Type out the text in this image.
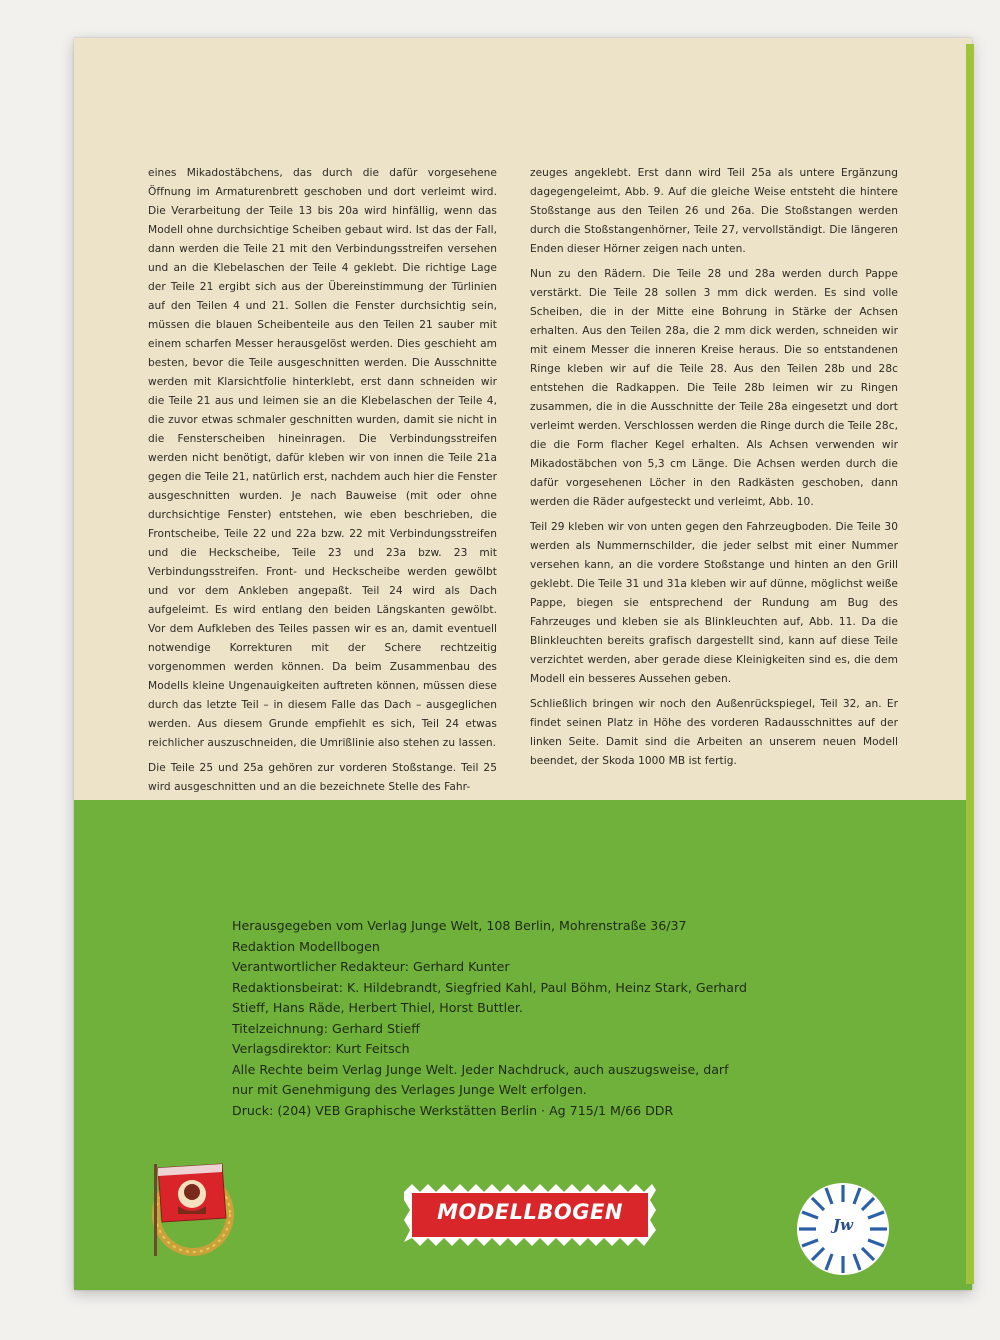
eines Mikadostäbchens, das durch die dafür vorgesehene Öffnung im Armaturenbrett geschoben und dort verleimt wird. Die Verarbeitung der Teile 13 bis 20a wird hinfällig, wenn das Modell ohne durchsichtige Scheiben gebaut wird. Ist das der Fall, dann werden die Teile 21 mit den Verbindungsstreifen versehen und an die Klebelaschen der Teile 4 geklebt. Die richtige Lage der Teile 21 ergibt sich aus der Übereinstimmung der Türlinien auf den Teilen 4 und 21. Sollen die Fenster durchsichtig sein, müssen die blauen Scheibenteile aus den Teilen 21 sauber mit einem scharfen Messer herausgelöst werden. Dies geschieht am besten, bevor die Teile ausgeschnitten werden. Die Ausschnitte werden mit Klarsichtfolie hinterklebt, erst dann schneiden wir die Teile 21 aus und leimen sie an die Klebelaschen der Teile 4, die zuvor etwas schmaler geschnitten wurden, damit sie nicht in die Fensterscheiben hineinragen. Die Verbindungsstreifen werden nicht benötigt, dafür kleben wir von innen die Teile 21a gegen die Teile 21, natürlich erst, nachdem auch hier die Fenster ausgeschnitten wurden. Je nach Bauweise (mit oder ohne durchsichtige Fenster) entstehen, wie eben beschrieben, die Frontscheibe, Teile 22 und 22a bzw. 22 mit Verbindungsstreifen und die Heckscheibe, Teile 23 und 23a bzw. 23 mit Verbindungsstreifen. Front- und Heckscheibe werden gewölbt und vor dem Ankleben angepaßt. Teil 24 wird als Dach aufgeleimt. Es wird entlang den beiden Längskanten gewölbt. Vor dem Aufkleben des Teiles passen wir es an, damit eventuell notwendige Korrekturen mit der Schere rechtzeitig vorgenommen werden können. Da beim Zusammenbau des Modells kleine Ungenauigkeiten auftreten können, müssen diese durch das letzte Teil – in diesem Falle das Dach – ausgeglichen werden. Aus diesem Grunde empfiehlt es sich, Teil 24 etwas reichlicher auszuschneiden, die Umrißlinie also stehen zu lassen.

Die Teile 25 und 25a gehören zur vorderen Stoßstange. Teil 25 wird ausgeschnitten und an die bezeichnete Stelle des Fahr-

zeuges angeklebt. Erst dann wird Teil 25a als untere Ergänzung dagegengeleimt, Abb. 9. Auf die gleiche Weise entsteht die hintere Stoßstange aus den Teilen 26 und 26a. Die Stoßstangen werden durch die Stoßstangenhörner, Teile 27, vervollständigt. Die längeren Enden dieser Hörner zeigen nach unten.

Nun zu den Rädern. Die Teile 28 und 28a werden durch Pappe verstärkt. Die Teile 28 sollen 3 mm dick werden. Es sind volle Scheiben, die in der Mitte eine Bohrung in Stärke der Achsen erhalten. Aus den Teilen 28a, die 2 mm dick werden, schneiden wir mit einem Messer die inneren Kreise heraus. Die so entstandenen Ringe kleben wir auf die Teile 28. Aus den Teilen 28b und 28c entstehen die Radkappen. Die Teile 28b leimen wir zu Ringen zusammen, die in die Ausschnitte der Teile 28a eingesetzt und dort verleimt werden. Verschlossen werden die Ringe durch die Teile 28c, die die Form flacher Kegel erhalten. Als Achsen verwenden wir Mikadostäbchen von 5,3 cm Länge. Die Achsen werden durch die dafür vorgesehenen Löcher in den Radkästen geschoben, dann werden die Räder aufgesteckt und verleimt, Abb. 10.

Teil 29 kleben wir von unten gegen den Fahrzeugboden. Die Teile 30 werden als Nummernschilder, die jeder selbst mit einer Nummer versehen kann, an die vordere Stoßstange und hinten an den Grill geklebt. Die Teile 31 und 31a kleben wir auf dünne, möglichst weiße Pappe, biegen sie entsprechend der Rundung am Bug des Fahrzeuges und kleben sie als Blinkleuchten auf, Abb. 11. Da die Blinkleuchten bereits grafisch dargestellt sind, kann auf diese Teile verzichtet werden, aber gerade diese Kleinigkeiten sind es, die dem Modell ein besseres Aussehen geben.

Schließlich bringen wir noch den Außenrückspiegel, Teil 32, an. Er findet seinen Platz in Höhe des vorderen Radausschnittes auf der linken Seite. Damit sind die Arbeiten an unserem neuen Modell beendet, der Skoda 1000 MB ist fertig.

Herausgegeben vom Verlag Junge Welt, 108 Berlin, Mohrenstraße 36/37
Redaktion Modellbogen
Verantwortlicher Redakteur: Gerhard Kunter
Redaktionsbeirat: K. Hildebrandt, Siegfried Kahl, Paul Böhm, Heinz Stark, Gerhard
Stieff, Hans Räde, Herbert Thiel, Horst Buttler.
Titelzeichnung: Gerhard Stieff
Verlagsdirektor: Kurt Feitsch
Alle Rechte beim Verlag Junge Welt. Jeder Nachdruck, auch auszugsweise, darf
nur mit Genehmigung des Verlages Junge Welt erfolgen.
Druck: (204) VEB Graphische Werkstätten Berlin · Ag 715/1 M/66 DDR
MODELLBOGEN
Jw
